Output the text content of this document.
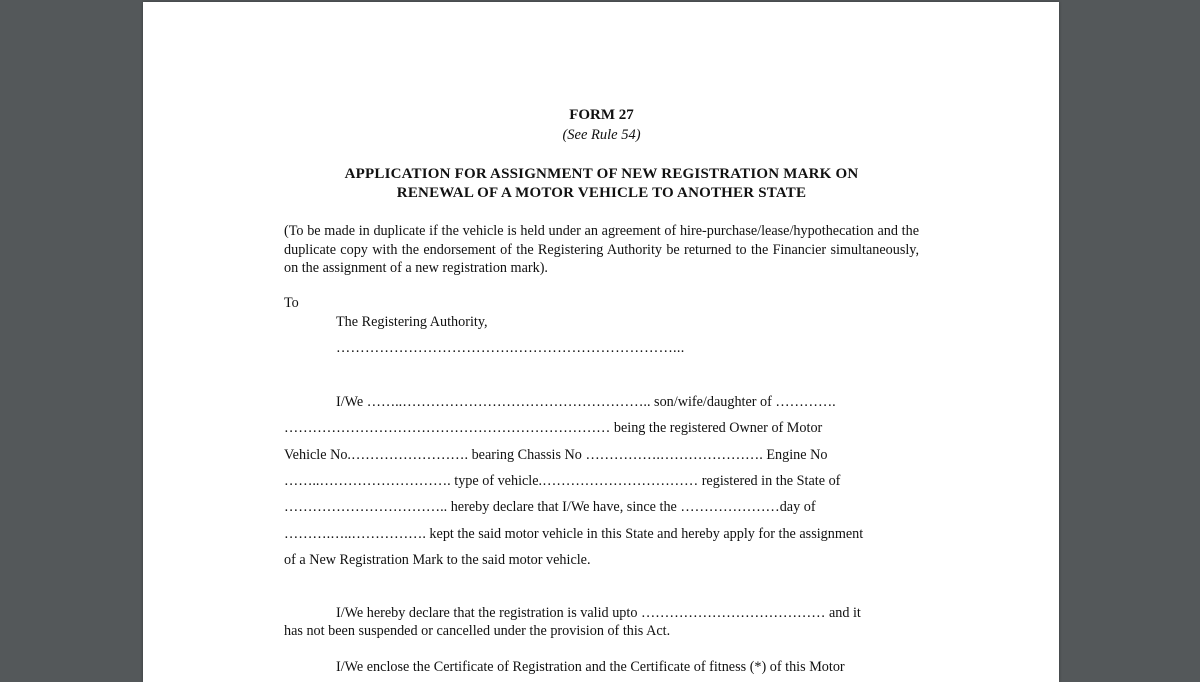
FORM 27
(See Rule 54)
APPLICATION FOR ASSIGNMENT OF NEW REGISTRATION MARK ON
RENEWAL OF A MOTOR VEHICLE TO ANOTHER STATE
(To be made in duplicate if the vehicle is held under an agreement of hire-purchase/lease/hypothecation and the duplicate copy with the endorsement of the Registering Authority be returned to the Financier simultaneously, on the assignment of a new registration mark).
To
The Registering Authority,
……………………………….……………………………...
I/We ……..…………………………………………….. son/wife/daughter of ………….
…………………………………………………………… being the registered Owner of Motor
Vehicle No.……………………. bearing Chassis No …………….…………………. Engine No
……..………………………. type of vehicle.…………………………… registered in the State of
…………………………….. hereby declare that I/We have, since the …………………day of
……….…..……………. kept the said motor vehicle in this State and hereby apply for the assignment
of a New Registration Mark to the said motor vehicle.
I/We hereby declare that the registration is valid upto ………………………………… and it
has not been suspended or cancelled under the provision of this Act.
I/We enclose the Certificate of Registration and the Certificate of fitness (*) of this Motor
